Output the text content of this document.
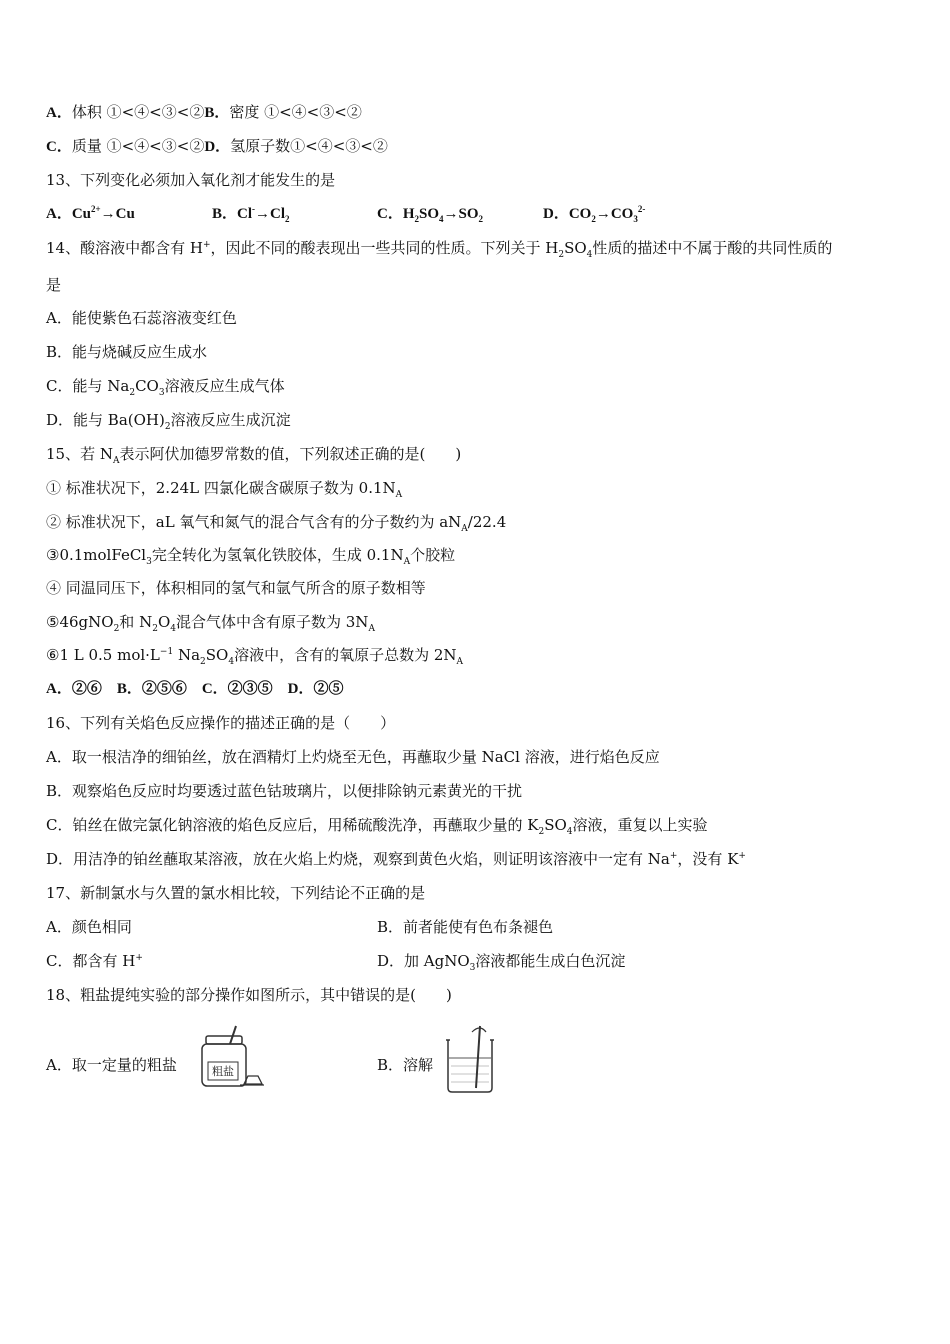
A．体积 ①<④<③<②B．密度 ①<④<③<②
C．质量 ①<④<③<②D．氢原子数①<④<③<②
13、下列变化必须加入氧化剂才能发生的是
A．$Cu^{2+}\to Cu$	B．$Cl^-\to Cl_2$	C．$H_2SO_4\to SO_2$	D．$CO_2\to CO_3^{2-}$
14、酸溶液中都含有 H+，因此不同的酸表现出一些共同的性质。下列关于 $H_2SO_4$性质的描述中不属于酸的共同性质的
是
A．能使紫色石蕊溶液变红色
B．能与烧碱反应生成水
C．能与 $Na_2CO_3$溶液反应生成气体
D．能与 $Ba(OH)_2$溶液反应生成沉淀
15、若 $N_A$表示阿伏加德罗常数的值，下列叙述正确的是(　　)
① 标准状况下，2.24L 四氯化碳含碳原子数为 $0.1N_A$
② 标准状况下，aL 氧气和氮气的混合气含有的分子数约为 $aN_A/22.4$
③0.1molFeCl$_3$完全转化为氢氧化铁胶体，生成 $0.1N_A$个胶粒
④ 同温同压下，体积相同的氢气和氩气所含的原子数相等
⑤46gNO$_2$和 $N_2O_4$混合气体中含有原子数为 $3N_A$
⑥1 L 0.5 $mol\cdot L^{-1}$ $Na_2SO_4$溶液中，含有的氧原子总数为 $2N_A$
A．②⑥　B．②⑤⑥　C．②③⑤　D．②⑤
16、下列有关焰色反应操作的描述正确的是（　　）
A．取一根洁净的细铂丝，放在酒精灯上灼烧至无色，再蘸取少量 NaCl 溶液，进行焰色反应
B．观察焰色反应时均要透过蓝色钴玻璃片，以便排除钠元素黄光的干扰
C．铂丝在做完氯化钠溶液的焰色反应后，用稀硫酸洗净，再蘸取少量的 $K_2SO_4$溶液，重复以上实验
D．用洁净的铂丝蘸取某溶液，放在火焰上灼烧，观察到黄色火焰，则证明该溶液中一定有 Na+，没有 K+
17、新制氯水与久置的氯水相比较，下列结论不正确的是
A．颜色相同	B．前者能使有色布条褪色
C．都含有 H+	D．加 AgNO$_3$溶液都能生成白色沉淀
18、粗盐提纯实验的部分操作如图所示，其中错误的是(　　)
A．取一定量的粗盐	B．溶解
粗盐
